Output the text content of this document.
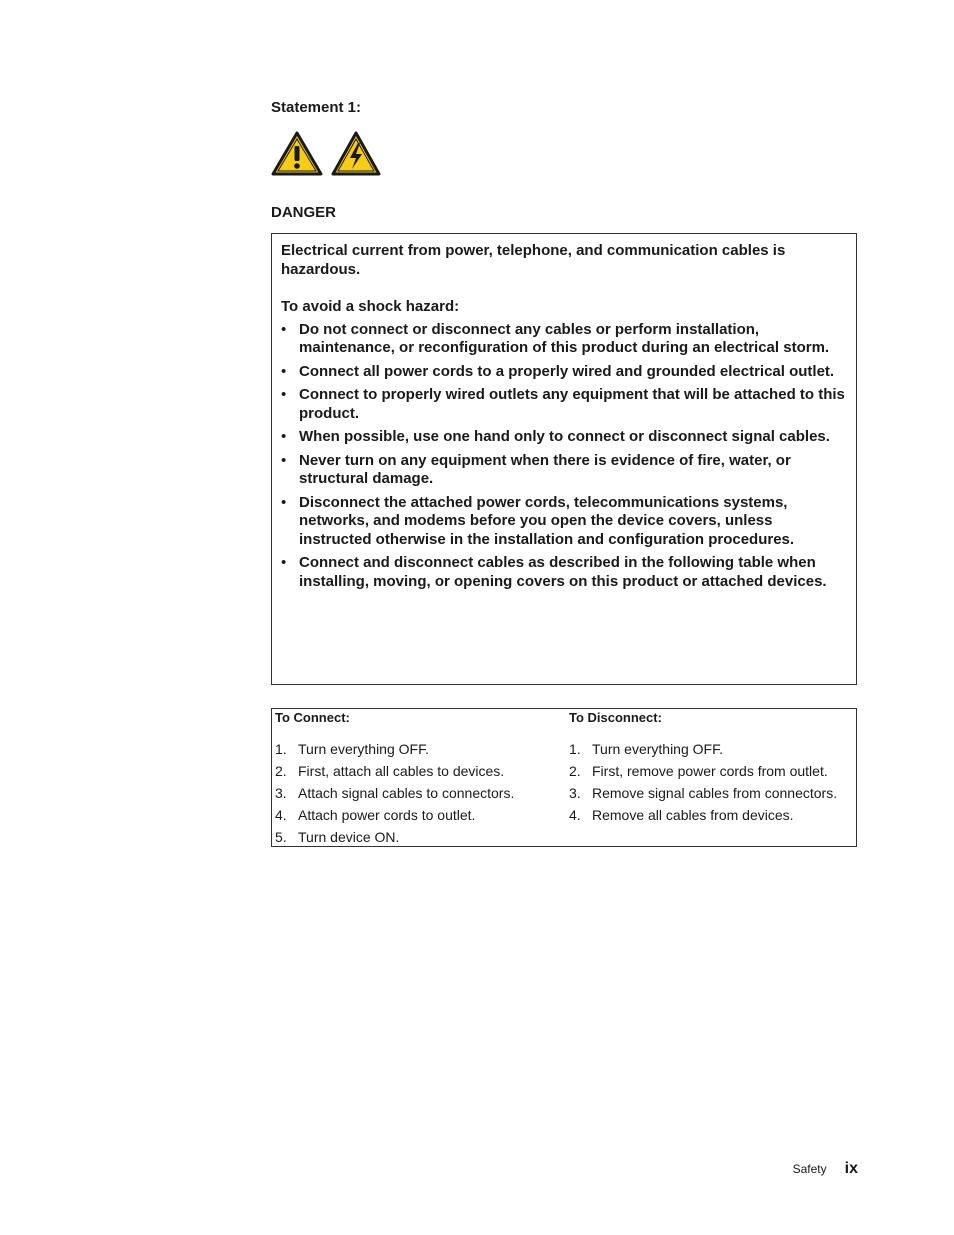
Statement 1:
DANGER

Electrical current from power, telephone, and communication cables is hazardous.

To avoid a shock hazard:

• Do not connect or disconnect any cables or perform installation, maintenance, or reconfiguration of this product during an electrical storm.
• Connect all power cords to a properly wired and grounded electrical outlet.
• Connect to properly wired outlets any equipment that will be attached to this product.
• When possible, use one hand only to connect or disconnect signal cables.
• Never turn on any equipment when there is evidence of fire, water, or structural damage.
• Disconnect the attached power cords, telecommunications systems, networks, and modems before you open the device covers, unless instructed otherwise in the installation and configuration procedures.
• Connect and disconnect cables as described in the following table when installing, moving, or opening covers on this product or attached devices.
To Connect:
1. Turn everything OFF.
2. First, attach all cables to devices.
3. Attach signal cables to connectors.
4. Attach power cords to outlet.
5. Turn device ON.
To Disconnect:
1. Turn everything OFF.
2. First, remove power cords from outlet.
3. Remove signal cables from connectors.
4. Remove all cables from devices.
Safety ix
